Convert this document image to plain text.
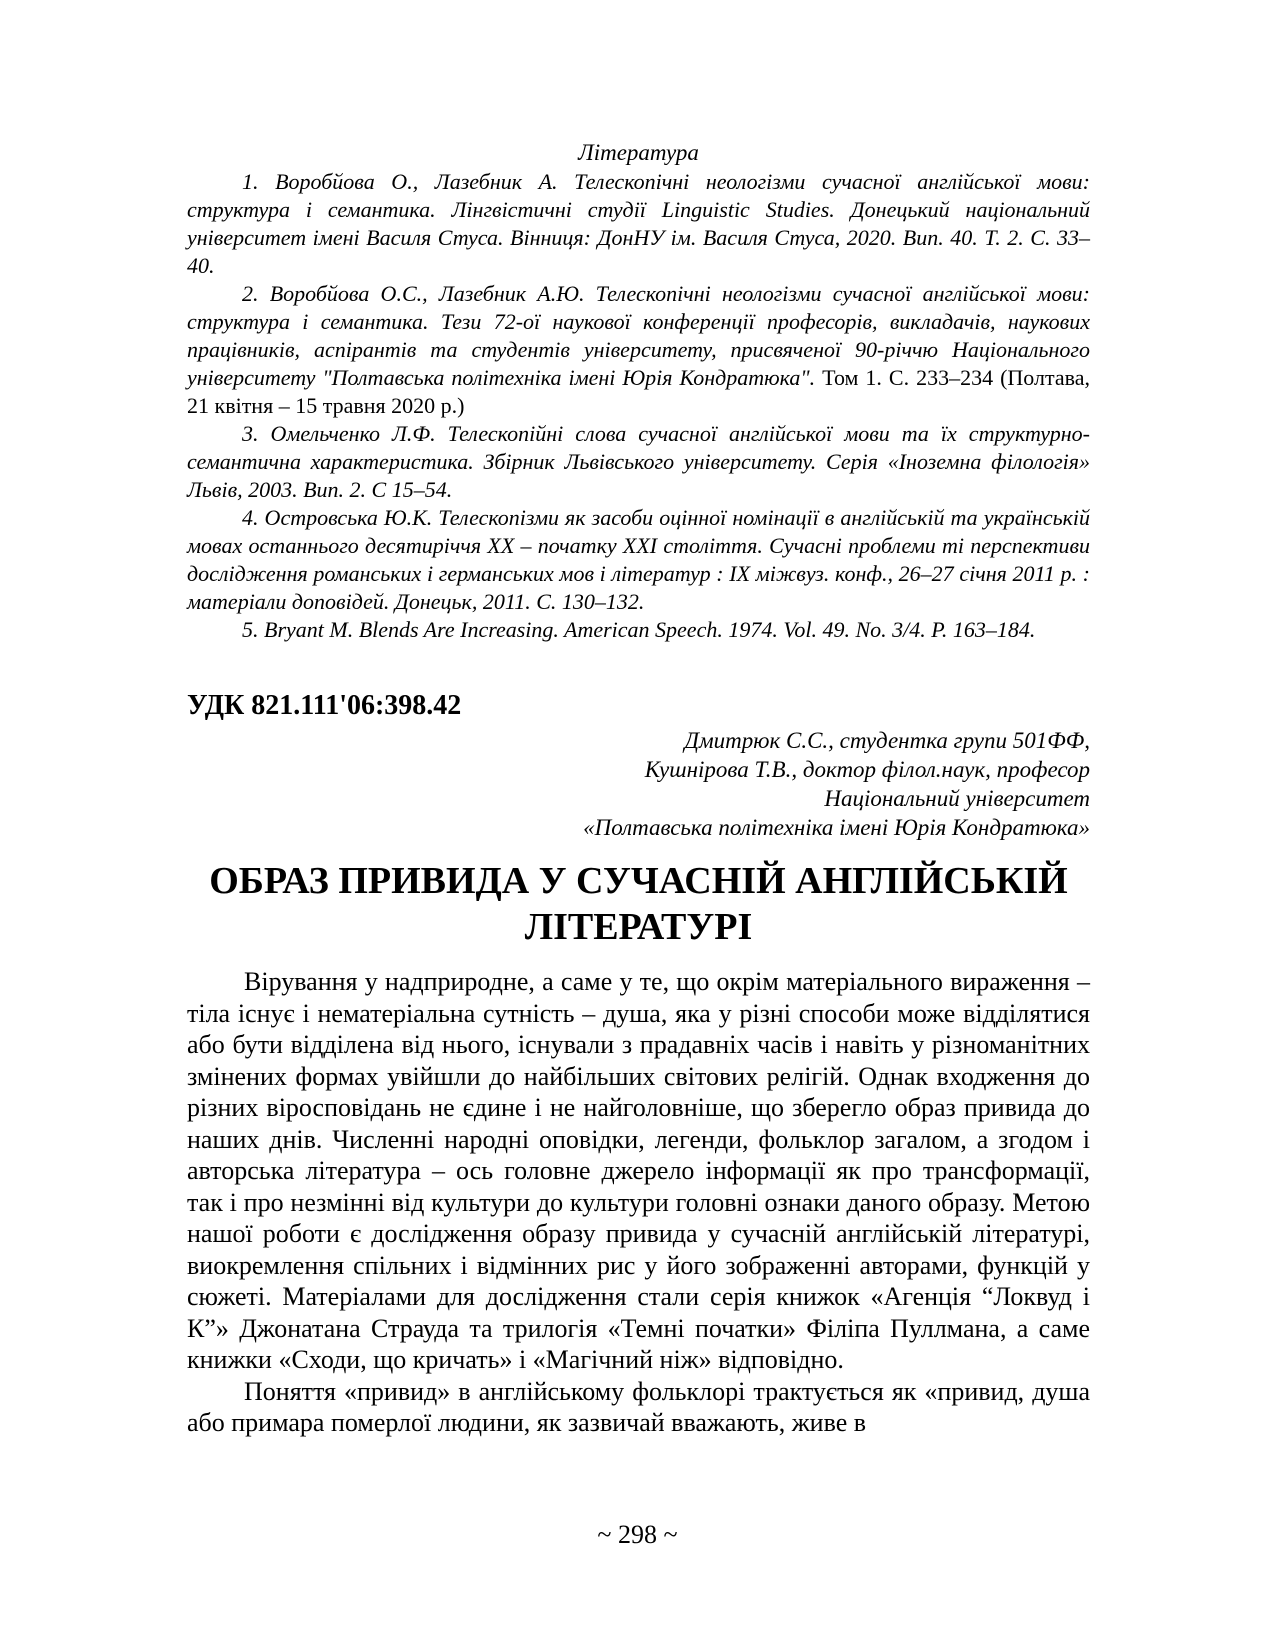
Література

1. Воробйова О., Лазебник А. Телескопічні неологізми сучасної англійської мови: структура і семантика. Лінгвістичні студії Linguistic Studies. Донецький національний університет імені Василя Стуса. Вінниця: ДонНУ ім. Василя Стуса, 2020. Вип. 40. Т. 2. С. 33–40.

2. Воробйова О.С., Лазебник А.Ю. Телескопічні неологізми сучасної англійської мови: структура і семантика. Тези 72-ої наукової конференції професорів, викладачів, наукових працівників, аспірантів та студентів університету, присвяченої 90-річчю Національного університету "Полтавська політехніка імені Юрія Кондратюка". Том 1. С. 233–234 (Полтава, 21 квітня – 15 травня 2020 р.)

3. Омельченко Л.Ф. Телескопійні слова сучасної англійської мови та їх структурно-семантична характеристика. Збірник Львівського університету. Серія «Іноземна філологія» Львів, 2003. Вип. 2. С 15–54.

4. Островська Ю.К. Телескопізми як засоби оцінної номінації в англійській та українській мовах останнього десятиріччя ХХ – початку ХХІ століття. Сучасні проблеми ті перспективи дослідження романських і германських мов і літератур : ІХ міжвуз. конф., 26–27 січня 2011 р. : матеріали доповідей. Донецьк, 2011. С. 130–132.

5. Bryant M. Blends Are Increasing. American Speech. 1974. Vol. 49. No. 3/4. P. 163–184.

УДК 821.111'06:398.42

Дмитрюк С.С., студентка групи 501ФФ,

Кушнірова Т.В., доктор філол.наук, професор

Національний університет

«Полтавська політехніка імені Юрія Кондратюка»

ОБРАЗ ПРИВИДА У СУЧАСНІЙ АНГЛІЙСЬКІЙ ЛІТЕРАТУРІ

Вірування у надприродне, а саме у те, що окрім матеріального вираження – тіла існує і нематеріальна сутність – душа, яка у різні способи може відділятися або бути відділена від нього, існували з прадавніх часів і навіть у різноманітних змінених формах увійшли до найбільших світових релігій. Однак входження до різних віросповідань не єдине і не найголовніше, що зберегло образ привида до наших днів. Численні народні оповідки, легенди, фольклор загалом, а згодом і авторська література – ось головне джерело інформації як про трансформації, так і про незмінні від культури до культури головні ознаки даного образу. Метою нашої роботи є дослідження образу привида у сучасній англійській літературі, виокремлення спільних і відмінних рис у його зображенні авторами, функцій у сюжеті. Матеріалами для дослідження стали серія книжок «Агенція “Локвуд і К”» Джонатана Страуда та трилогія «Темні початки» Філіпа Пуллмана, а саме книжки «Сходи, що кричать» і «Магічний ніж» відповідно.

Поняття «привид» в англійському фольклорі трактується як «привид, душа або примара померлої людини, як зазвичай вважають, живе в

~ 298 ~
